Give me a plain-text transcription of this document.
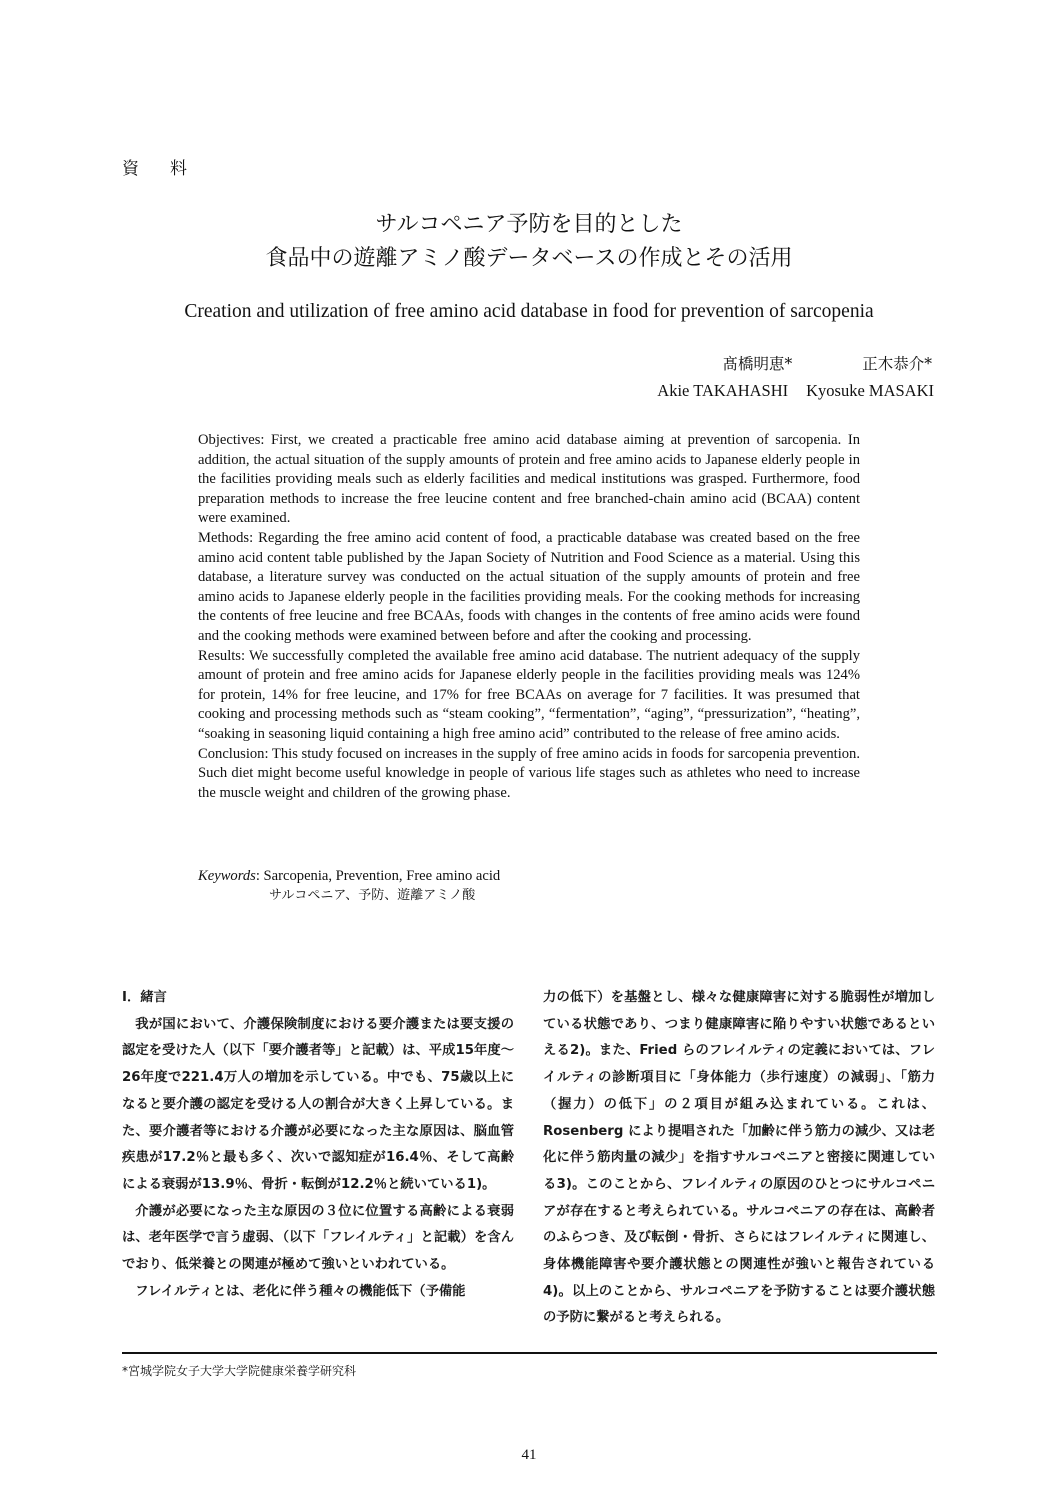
資 料
サルコペニア予防を目的とした
食品中の遊離アミノ酸データベースの作成とその活用
Creation and utilization of free amino acid database in food for prevention of sarcopenia
髙橋明恵*	正木恭介*
Akie TAKAHASHI Kyosuke MASAKI

Objectives: First, we created a practicable free amino acid database aiming at prevention of sarcopenia. In addition, the actual situation of the supply amounts of protein and free amino acids to Japanese elderly people in the facilities providing meals such as elderly facilities and medical institutions was grasped. Furthermore, food preparation methods to increase the free leucine content and free branched-chain amino acid (BCAA) content were examined.

Methods: Regarding the free amino acid content of food, a practicable database was created based on the free amino acid content table published by the Japan Society of Nutrition and Food Science as a material. Using this database, a literature survey was conducted on the actual situation of the supply amounts of protein and free amino acids to Japanese elderly people in the facilities providing meals. For the cooking methods for increasing the contents of free leucine and free BCAAs, foods with changes in the contents of free amino acids were found and the cooking methods were examined between before and after the cooking and processing.

Results: We successfully completed the available free amino acid database. The nutrient adequacy of the supply amount of protein and free amino acids for Japanese elderly people in the facilities providing meals was 124% for protein, 14% for free leucine, and 17% for free BCAAs on average for 7 facilities. It was presumed that cooking and processing methods such as “steam cooking”, “fermentation”, “aging”, “pressurization”, “heating”, “soaking in seasoning liquid containing a high free amino acid” contributed to the release of free amino acids.

Conclusion: This study focused on increases in the supply of free amino acids in foods for sarcopenia prevention. Such diet might become useful knowledge in people of various life stages such as athletes who need to increase the muscle weight and children of the growing phase.

Keywords: Sarcopenia, Prevention, Free amino acid
サルコペニア、予防、遊離アミノ酸

Ⅰ．緒言

我が国において、介護保険制度における要介護または要支援の認定を受けた人（以下「要介護者等」と記載）は、平成15年度～26年度で221.4万人の増加を示している。中でも、75歳以上になると要介護の認定を受ける人の割合が大きく上昇している。また、要介護者等における介護が必要になった主な原因は、脳血管疾患が17.2％と最も多く、次いで認知症が16.4％、そして高齢による衰弱が13.9％、骨折・転倒が12.2％と続いている1)。

介護が必要になった主な原因の３位に位置する高齢による衰弱は、老年医学で言う虚弱、（以下「フレイルティ」と記載）を含んでおり、低栄養との関連が極めて強いといわれている。

フレイルティとは、老化に伴う種々の機能低下（予備能

力の低下）を基盤とし、様々な健康障害に対する脆弱性が増加している状態であり、つまり健康障害に陥りやすい状態であるといえる2)。また、Fried らのフレイルティの定義においては、フレイルティの診断項目に「身体能力（歩行速度）の減弱」、「筋力（握力）の低下」の２項目が組み込まれている。これは、Rosenberg により提唱された「加齢に伴う筋力の減少、又は老化に伴う筋肉量の減少」を指すサルコペニアと密接に関連している3)。このことから、フレイルティの原因のひとつにサルコペニアが存在すると考えられている。サルコペニアの存在は、高齢者のふらつき、及び転倒・骨折、さらにはフレイルティに関連し、身体機能障害や要介護状態との関連性が強いと報告されている4)。以上のことから、サルコペニアを予防することは要介護状態の予防に繋がると考えられる。

*宮城学院女子大学大学院健康栄養学研究科
41
